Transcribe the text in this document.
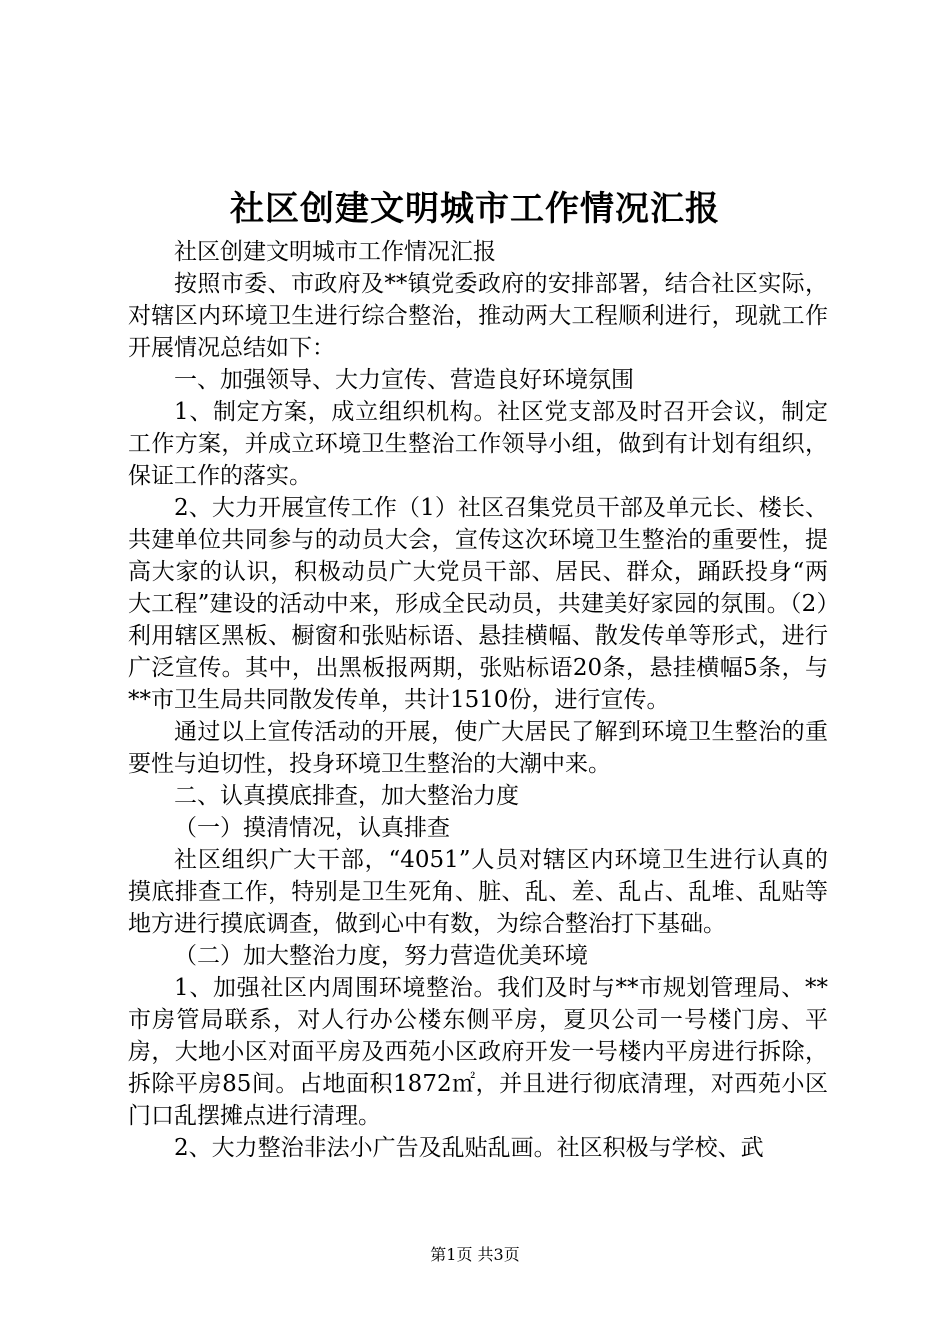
社区创建文明城市工作情况汇报

社区创建文明城市工作情况汇报

按照市委、市政府及**镇党委政府的安排部署，结合社区实际，对辖区内环境卫生进行综合整治，推动两大工程顺利进行，现就工作开展情况总结如下：

一、加强领导、大力宣传、营造良好环境氛围

1、制定方案，成立组织机构。社区党支部及时召开会议，制定工作方案，并成立环境卫生整治工作领导小组，做到有计划有组织，保证工作的落实。

2、大力开展宣传工作（1）社区召集党员干部及单元长、楼长、共建单位共同参与的动员大会，宣传这次环境卫生整治的重要性，提高大家的认识，积极动员广大党员干部、居民、群众，踊跃投身“两大工程”建设的活动中来，形成全民动员，共建美好家园的氛围。（2）利用辖区黑板、橱窗和张贴标语、悬挂横幅、散发传单等形式，进行广泛宣传。其中，出黑板报两期，张贴标语20条，悬挂横幅5条，与**市卫生局共同散发传单，共计1510份，进行宣传。

通过以上宣传活动的开展，使广大居民了解到环境卫生整治的重要性与迫切性，投身环境卫生整治的大潮中来。

二、认真摸底排查，加大整治力度

（一）摸清情况，认真排查

社区组织广大干部，“4051”人员对辖区内环境卫生进行认真的摸底排查工作，特别是卫生死角、脏、乱、差、乱占、乱堆、乱贴等地方进行摸底调查，做到心中有数，为综合整治打下基础。

（二）加大整治力度，努力营造优美环境

1、加强社区内周围环境整治。我们及时与**市规划管理局、**市房管局联系，对人行办公楼东侧平房，夏贝公司一号楼门房、平房，大地小区对面平房及西苑小区政府开发一号楼内平房进行拆除，拆除平房85间。占地面积1872㎡，并且进行彻底清理，对西苑小区门口乱摆摊点进行清理。

2、大力整治非法小广告及乱贴乱画。社区积极与学校、武

第1页 共3页
